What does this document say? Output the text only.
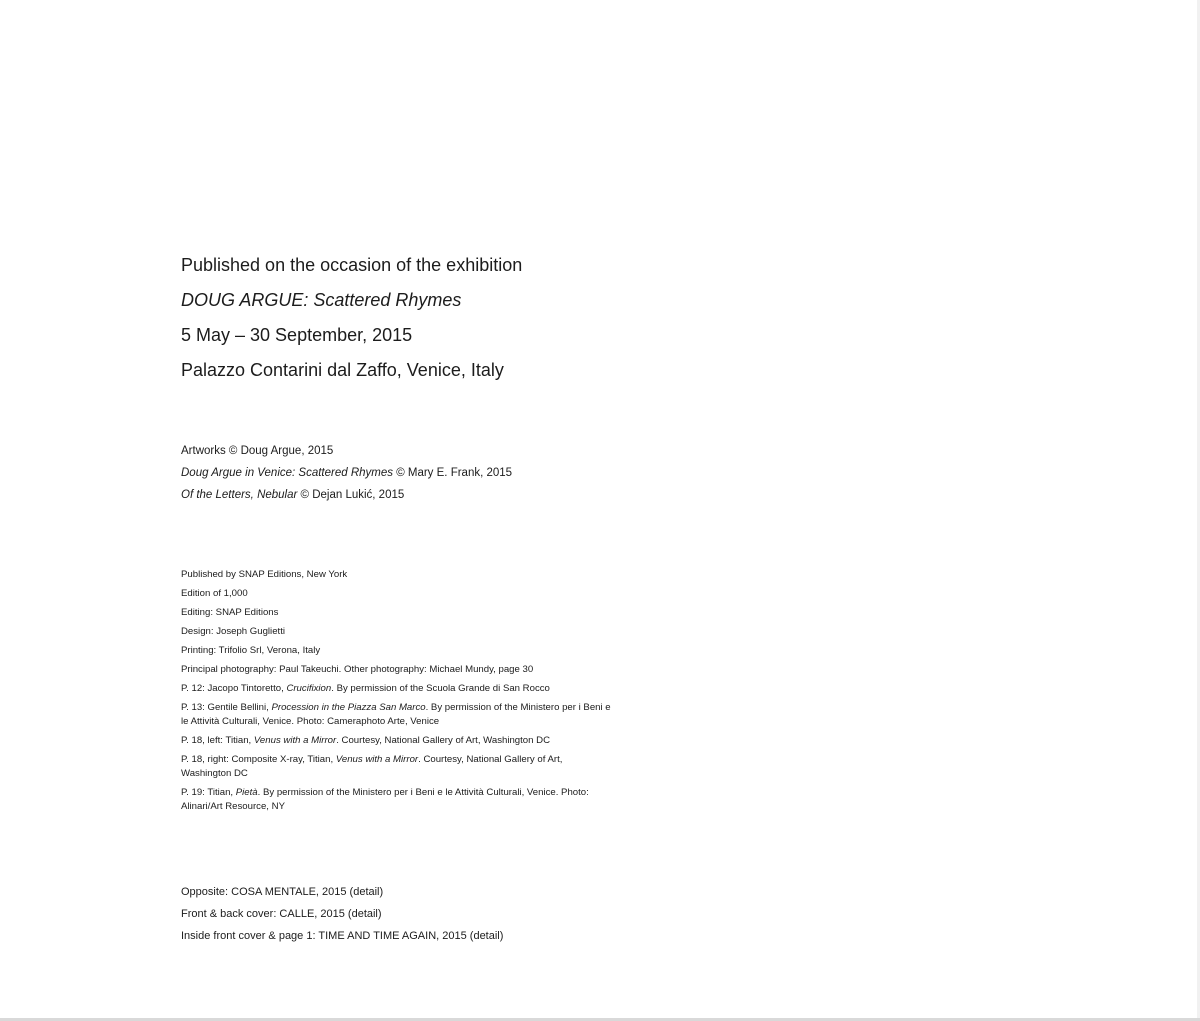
Published on the occasion of the exhibition
DOUG ARGUE: Scattered Rhymes
5 May – 30 September, 2015
Palazzo Contarini dal Zaffo, Venice, Italy
Artworks © Doug Argue, 2015
Doug Argue in Venice: Scattered Rhymes © Mary E. Frank, 2015
Of the Letters, Nebular © Dejan Lukić, 2015
Published by SNAP Editions, New York
Edition of 1,000
Editing: SNAP Editions
Design: Joseph Guglietti
Printing: Trifolio Srl, Verona, Italy
Principal photography: Paul Takeuchi. Other photography: Michael Mundy, page 30
P. 12: Jacopo Tintoretto, Crucifixion. By permission of the Scuola Grande di San Rocco
P. 13: Gentile Bellini, Procession in the Piazza San Marco. By permission of the Ministero per i Beni e le Attività Culturali, Venice. Photo: Cameraphoto Arte, Venice
P. 18, left: Titian, Venus with a Mirror. Courtesy, National Gallery of Art, Washington DC
P. 18, right: Composite X-ray, Titian, Venus with a Mirror. Courtesy, National Gallery of Art, Washington DC
P. 19: Titian, Pietà. By permission of the Ministero per i Beni e le Attività Culturali, Venice. Photo: Alinari/Art Resource, NY
Opposite: COSA MENTALE, 2015 (detail)
Front & back cover: CALLE, 2015 (detail)
Inside front cover & page 1: TIME AND TIME AGAIN, 2015 (detail)
